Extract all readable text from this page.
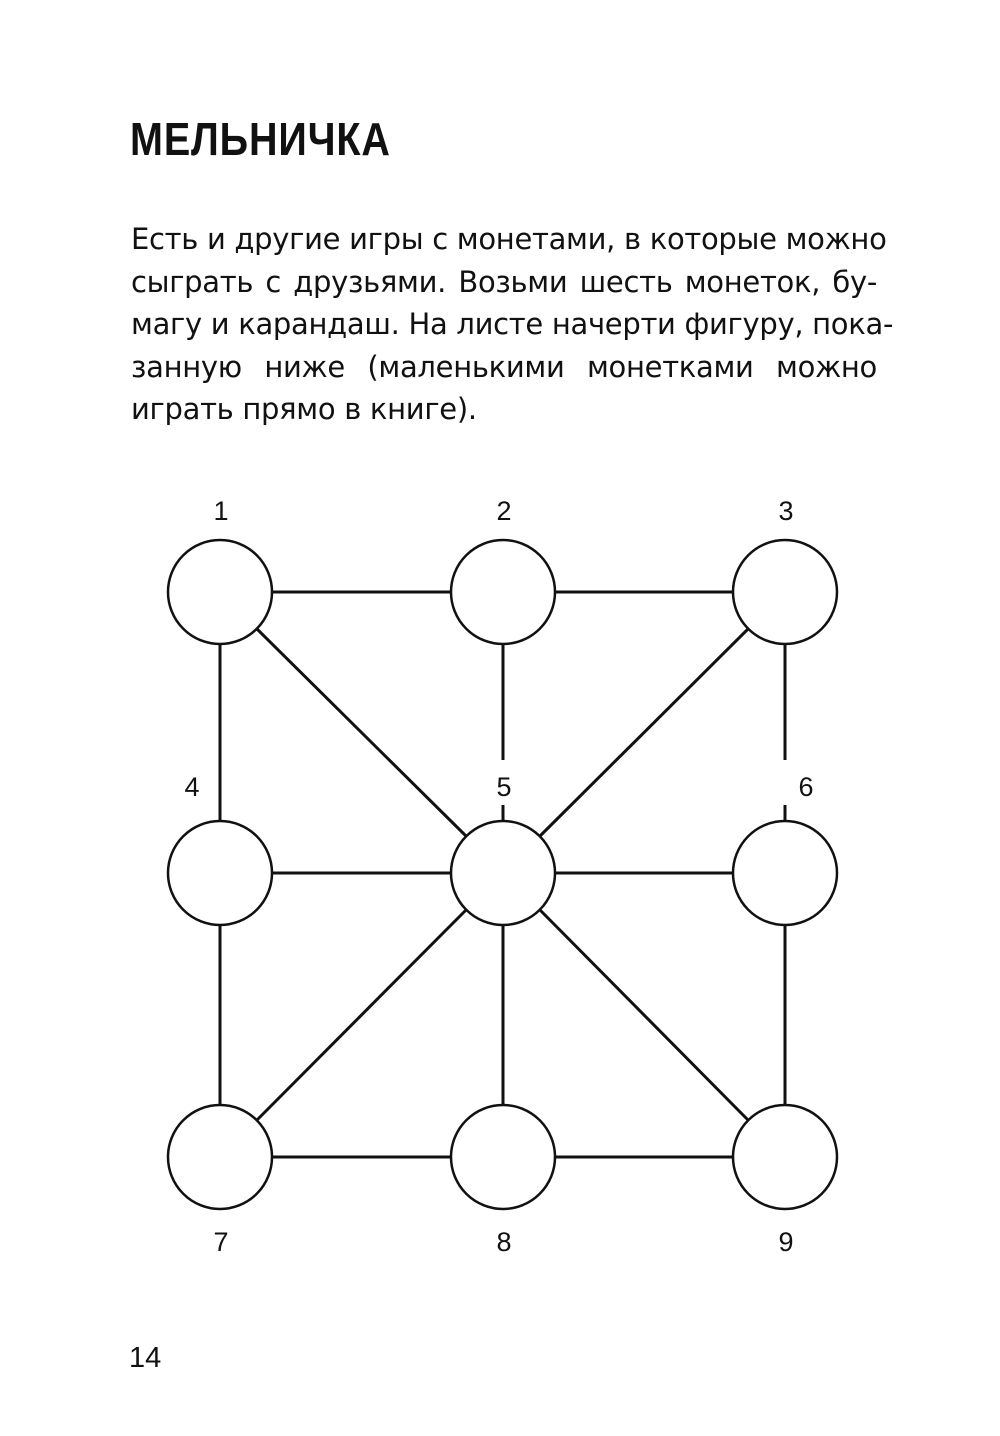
МЕЛЬНИЧКА

Есть и другие игры с монетами, в которые можно
сыграть с друзьями. Возьми шесть монеток, бу-
магу и карандаш. На листе начерти фигуру, пока-
занную ниже (маленькими монетками можно
играть прямо в книге).

1	2	3
4	5	6
7	8	9

14
